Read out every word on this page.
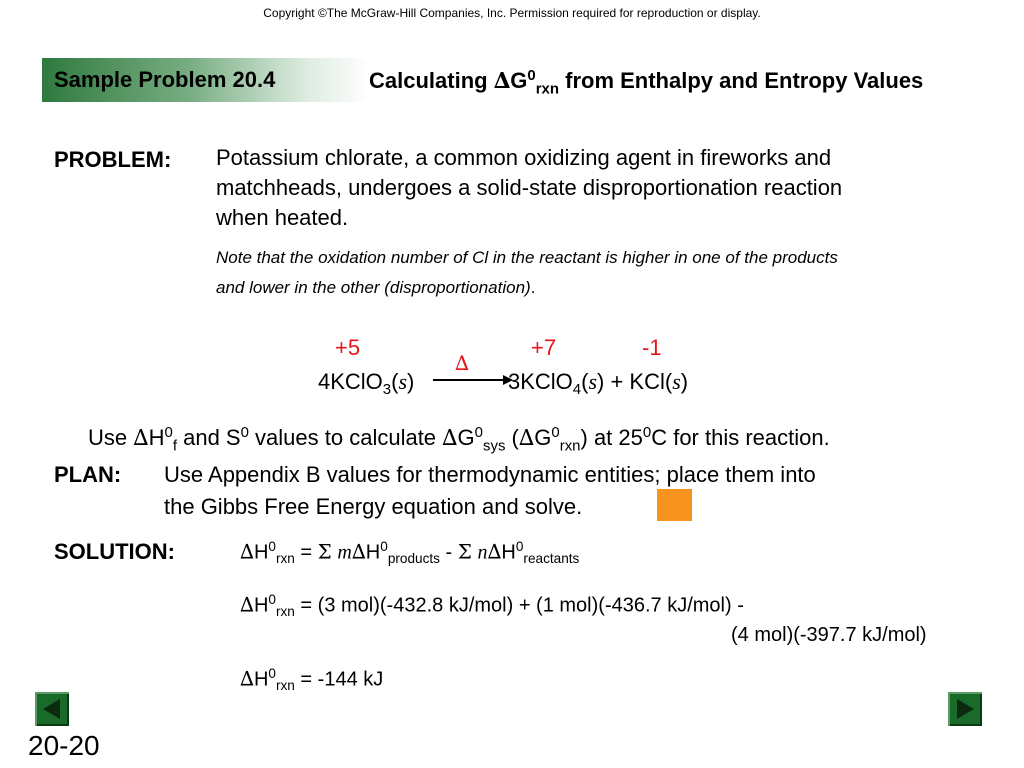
Copyright ©The McGraw-Hill Companies, Inc. Permission required for reproduction or display.
Sample Problem 20.4	Calculating $\Delta G^0_{rxn}$ from Enthalpy and Entropy Values
PROBLEM: Potassium chlorate, a common oxidizing agent in fireworks and
matchheads, undergoes a solid-state disproportionation reaction
when heated.
Note that the oxidation number of Cl in the reactant is higher in one of the products
and lower in the other (disproportionation).
+5	+7	-1
∆
4KClO$_3$(s)	3KClO$_4$(s) + KCl(s)
Use $\Delta H^0_f$ and $S^0$ values to calculate $\Delta G^0_{sys}$ $(\Delta G^0_{rxn})$ at $25^0C$ for this reaction.
PLAN: Use Appendix B values for thermodynamic entities; place them into
the Gibbs Free Energy equation and solve.
SOLUTION:	$\Delta H^0_{rxn} = \Sigma$ $m\Delta H^0_{products}$ - Σ $n\Delta H^0_{reactants}$
$\Delta H^0_{rxn} = (3$ mol)(-432.8 kJ/mol) + (1 mol)(-436.7 kJ/mol) -
(4 mol)(-397.7 kJ/mol)
$\Delta H^0_{rxn} = -144$ kJ
20-20
